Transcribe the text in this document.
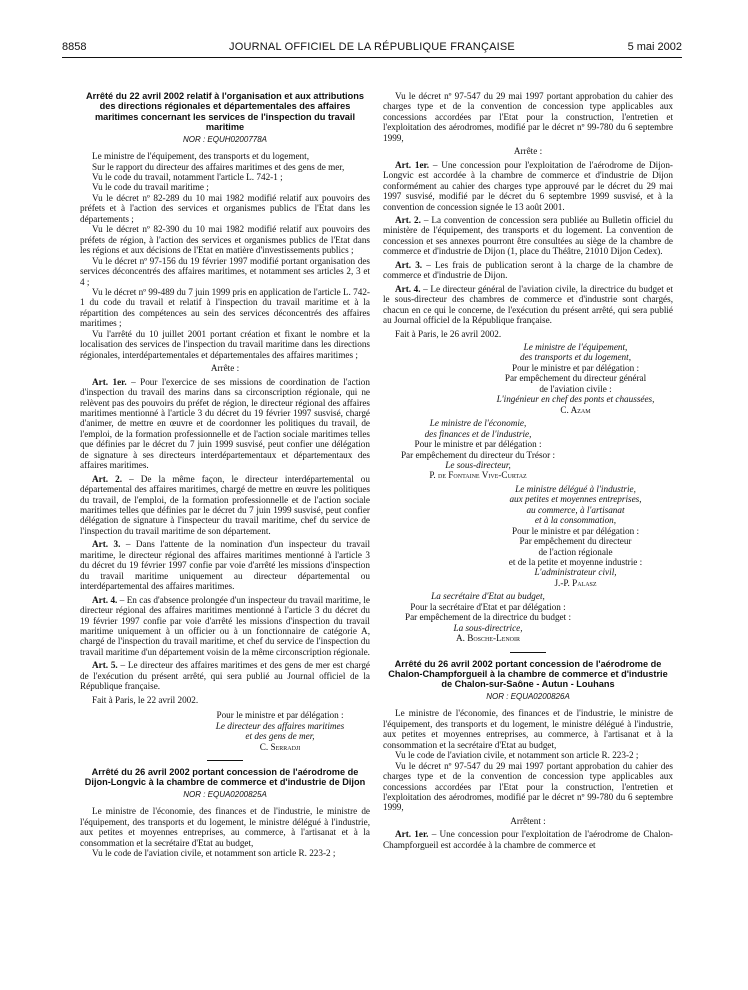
8858	JOURNAL OFFICIEL DE LA RÉPUBLIQUE FRANÇAISE	5 mai 2002

Arrêté du 22 avril 2002 relatif à l'organisation et aux attributions des directions régionales et départementales des affaires maritimes concernant les services de l'inspection du travail maritime

NOR : EQUH0200778A

Le ministre de l'équipement, des transports et du logement,

Sur le rapport du directeur des affaires maritimes et des gens de mer,

Vu le code du travail, notamment l'article L. 742-1 ;

Vu le code du travail maritime ;

Vu le décret nº 82-289 du 10 mai 1982 modifié relatif aux pouvoirs des préfets et à l'action des services et organismes publics de l'Etat dans les départements ;

Vu le décret nº 82-390 du 10 mai 1982 modifié relatif aux pouvoirs des préfets de région, à l'action des services et organismes publics de l'Etat dans les régions et aux décisions de l'Etat en matière d'investissements publics ;

Vu le décret nº 97-156 du 19 février 1997 modifié portant organisation des services déconcentrés des affaires maritimes, et notamment ses articles 2, 3 et 4 ;

Vu le décret nº 99-489 du 7 juin 1999 pris en application de l'article L. 742-1 du code du travail et relatif à l'inspection du travail maritime et à la répartition des compétences au sein des services déconcentrés des affaires maritimes ;

Vu l'arrêté du 10 juillet 2001 portant création et fixant le nombre et la localisation des services de l'inspection du travail maritime dans les directions régionales, interdépartementales et départementales des affaires maritimes ;

Arrête :

Art. 1er. – Pour l'exercice de ses missions de coordination de l'action d'inspection du travail des marins dans sa circonscription régionale, qui ne relèvent pas des pouvoirs du préfet de région, le directeur régional des affaires maritimes mentionné à l'article 3 du décret du 19 février 1997 susvisé, chargé d'animer, de mettre en œuvre et de coordonner les politiques du travail, de l'emploi, de la formation professionnelle et de l'action sociale maritimes telles que définies par le décret du 7 juin 1999 susvisé, peut confier une délégation de signature à ses directeurs interdépartementaux et départementaux des affaires maritimes.

Art. 2. – De la même façon, le directeur interdépartemental ou départemental des affaires maritimes, chargé de mettre en œuvre les politiques du travail, de l'emploi, de la formation professionnelle et de l'action sociale maritimes telles que définies par le décret du 7 juin 1999 susvisé, peut confier délégation de signature à l'inspecteur du travail maritime, chef du service de l'inspection du travail maritime de son département.

Art. 3. – Dans l'attente de la nomination d'un inspecteur du travail maritime, le directeur régional des affaires maritimes mentionné à l'article 3 du décret du 19 février 1997 confie par voie d'arrêté les missions d'inspection du travail maritime uniquement au directeur départemental ou interdépartemental des affaires maritimes.

Art. 4. – En cas d'absence prolongée d'un inspecteur du travail maritime, le directeur régional des affaires maritimes mentionné à l'article 3 du décret du 19 février 1997 confie par voie d'arrêté les missions d'inspection du travail maritime uniquement à un officier ou à un fonctionnaire de catégorie A, chargé de l'inspection du travail maritime, et chef du service de l'inspection du travail maritime d'un département voisin de la même circonscription régionale.

Art. 5. – Le directeur des affaires maritimes et des gens de mer est chargé de l'exécution du présent arrêté, qui sera publié au Journal officiel de la République française.

Fait à Paris, le 22 avril 2002.

Pour le ministre et par délégation :

Le directeur des affaires maritimes

et des gens de mer,

C. Serradji

Arrêté du 26 avril 2002 portant concession de l'aérodrome de Dijon-Longvic à la chambre de commerce et d'industrie de Dijon

NOR : EQUA0200825A

Le ministre de l'économie, des finances et de l'industrie, le ministre de l'équipement, des transports et du logement, le ministre délégué à l'industrie, aux petites et moyennes entreprises, au commerce, à l'artisanat et à la consommation et la secrétaire d'Etat au budget,

Vu le code de l'aviation civile, et notamment son article R. 223-2 ;

Vu le décret nº 97-547 du 29 mai 1997 portant approbation du cahier des charges type et de la convention de concession type applicables aux concessions accordées par l'Etat pour la construction, l'entretien et l'exploitation des aérodromes, modifié par le décret nº 99-780 du 6 septembre 1999,

Arrête :

Art. 1er. – Une concession pour l'exploitation de l'aérodrome de Dijon-Longvic est accordée à la chambre de commerce et d'industrie de Dijon conformément au cahier des charges type approuvé par le décret du 29 mai 1997 susvisé, modifié par le décret du 6 septembre 1999 susvisé, et à la convention de concession signée le 13 août 2001.

Art. 2. – La convention de concession sera publiée au Bulletin officiel du ministère de l'équipement, des transports et du logement. La convention de concession et ses annexes pourront être consultées au siège de la chambre de commerce et d'industrie de Dijon (1, place du Théâtre, 21010 Dijon Cedex).

Art. 3. – Les frais de publication seront à la charge de la chambre de commerce et d'industrie de Dijon.

Art. 4. – Le directeur général de l'aviation civile, la directrice du budget et le sous-directeur des chambres de commerce et d'industrie sont chargés, chacun en ce qui le concerne, de l'exécution du présent arrêté, qui sera publié au Journal officiel de la République française.

Fait à Paris, le 26 avril 2002.

Le ministre de l'équipement,

des transports et du logement,

Pour le ministre et par délégation :

Par empêchement du directeur général

de l'aviation civile :

L'ingénieur en chef des ponts et chaussées,

C. Azam

Le ministre de l'économie,

des finances et de l'industrie,

Pour le ministre et par délégation :

Par empêchement du directeur du Trésor :

Le sous-directeur,

P. de Fontaine Vive-Curtaz

Le ministre délégué à l'industrie,

aux petites et moyennes entreprises,

au commerce, à l'artisanat

et à la consommation,

Pour le ministre et par délégation :

Par empêchement du directeur

de l'action régionale

et de la petite et moyenne industrie :

L'administrateur civil,

J.-P. Palasz

La secrétaire d'Etat au budget,

Pour la secrétaire d'Etat et par délégation :

Par empêchement de la directrice du budget :

La sous-directrice,

A. Bosche-Lenoir

Arrêté du 26 avril 2002 portant concession de l'aérodrome de Chalon-Champforgueil à la chambre de commerce et d'industrie de Chalon-sur-Saône - Autun - Louhans

NOR : EQUA0200826A

Le ministre de l'économie, des finances et de l'industrie, le ministre de l'équipement, des transports et du logement, le ministre délégué à l'industrie, aux petites et moyennes entreprises, au commerce, à l'artisanat et à la consommation et la secrétaire d'Etat au budget,

Vu le code de l'aviation civile, et notamment son article R. 223-2 ;

Vu le décret nº 97-547 du 29 mai 1997 portant approbation du cahier des charges type et de la convention de concession type applicables aux concessions accordées par l'Etat pour la construction, l'entretien et l'exploitation des aérodromes, modifié par le décret nº 99-780 du 6 septembre 1999,

Arrêtent :

Art. 1er. – Une concession pour l'exploitation de l'aérodrome de Chalon-Champforgueil est accordée à la chambre de commerce et
